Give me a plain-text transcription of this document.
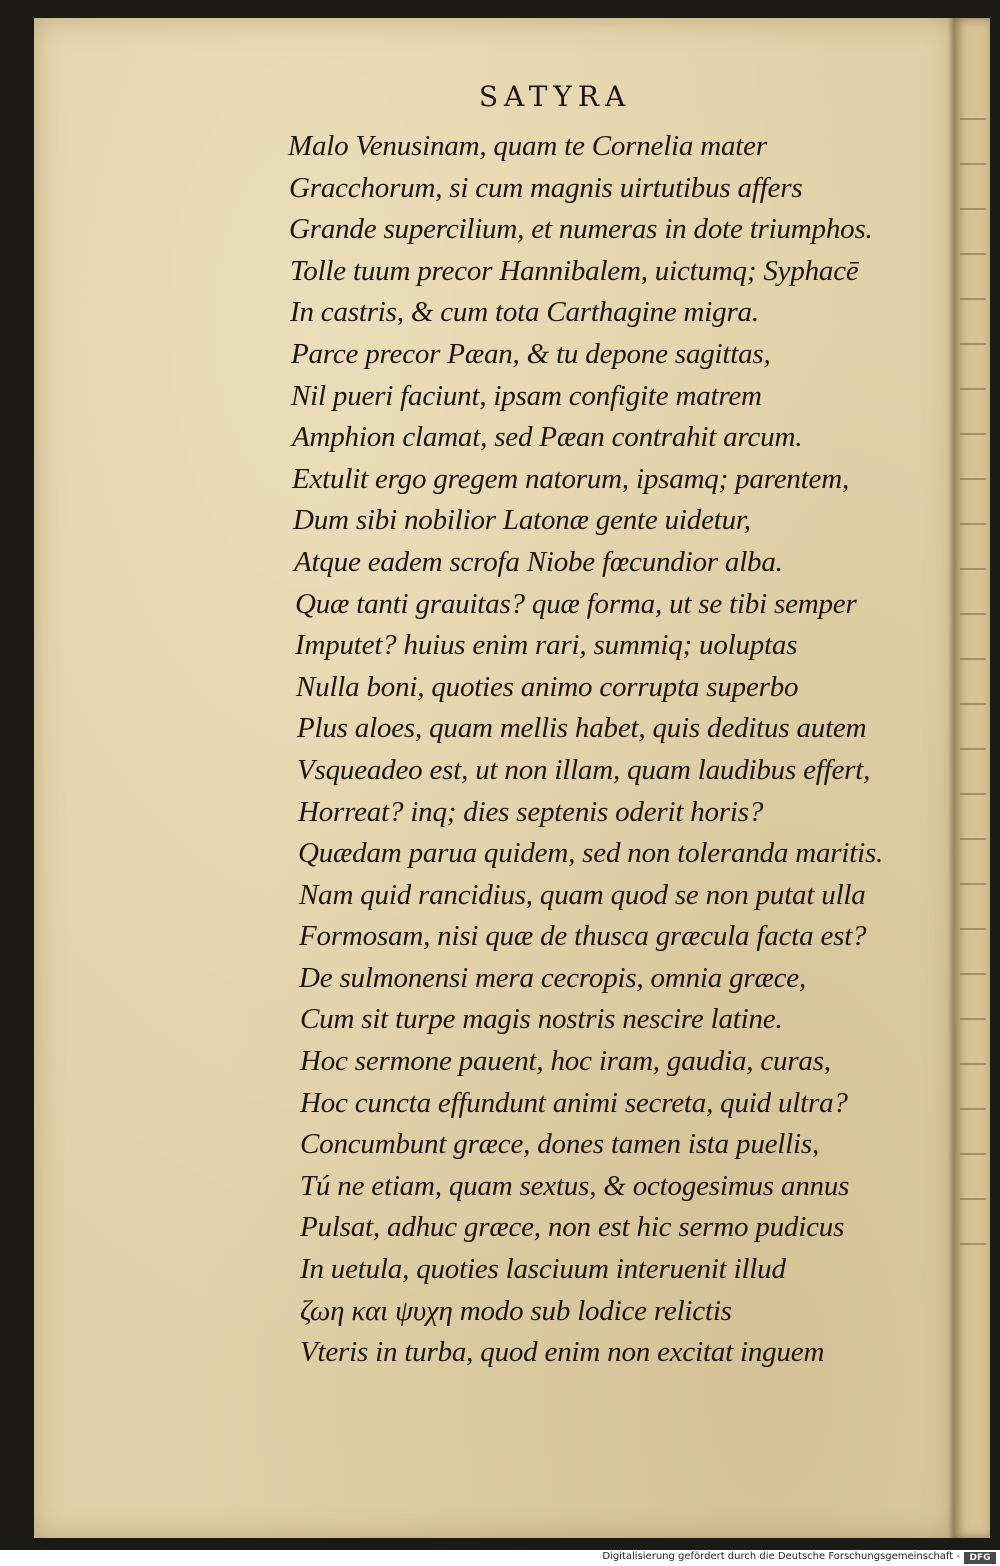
SATYRA
Malo Venusinam, quam te Cornelia mater
Gracchorum, si cum magnis uirtutibus affers
Grande supercilium, et numeras in dote triumphos.
Tolle tuum precor Hannibalem, uictumq; Syphacē
In castris, & cum tota Carthagine migra.
Parce precor Pæan, & tu depone sagittas,
Nil pueri faciunt, ipsam configite matrem
Amphion clamat, sed Pæan contrahit arcum.
Extulit ergo gregem natorum, ipsamq; parentem,
Dum sibi nobilior Latonæ gente uidetur,
Atque eadem scrofa Niobe fœcundior alba.
Quæ tanti grauitas? quæ forma, ut se tibi semper
Imputet? huius enim rari, summiq; uoluptas
Nulla boni, quoties animo corrupta superbo
Plus aloes, quam mellis habet, quis deditus autem
Vsqueadeo est, ut non illam, quam laudibus effert,
Horreat? inq; dies septenis oderit horis?
Quædam parua quidem, sed non toleranda maritis.
Nam quid rancidius, quam quod se non putat ulla
Formosam, nisi quæ de thusca græcula facta est?
De sulmonensi mera cecropis, omnia græce,
Cum sit turpe magis nostris nescire latine.
Hoc sermone pauent, hoc iram, gaudia, curas,
Hoc cuncta effundunt animi secreta, quid ultra?
Concumbunt græce, dones tamen ista puellis,
Tú ne etiam, quam sextus, & octogesimus annus
Pulsat, adhuc græce, non est hic sermo pudicus
In uetula, quoties lasciuum interuenit illud
ζωη και ψυχη modo sub lodice relictis
Vteris in turba, quod enim non excitat inguem
Digitalisierung gefördert durch die Deutsche Forschungsgemeinschaft -	DFG
